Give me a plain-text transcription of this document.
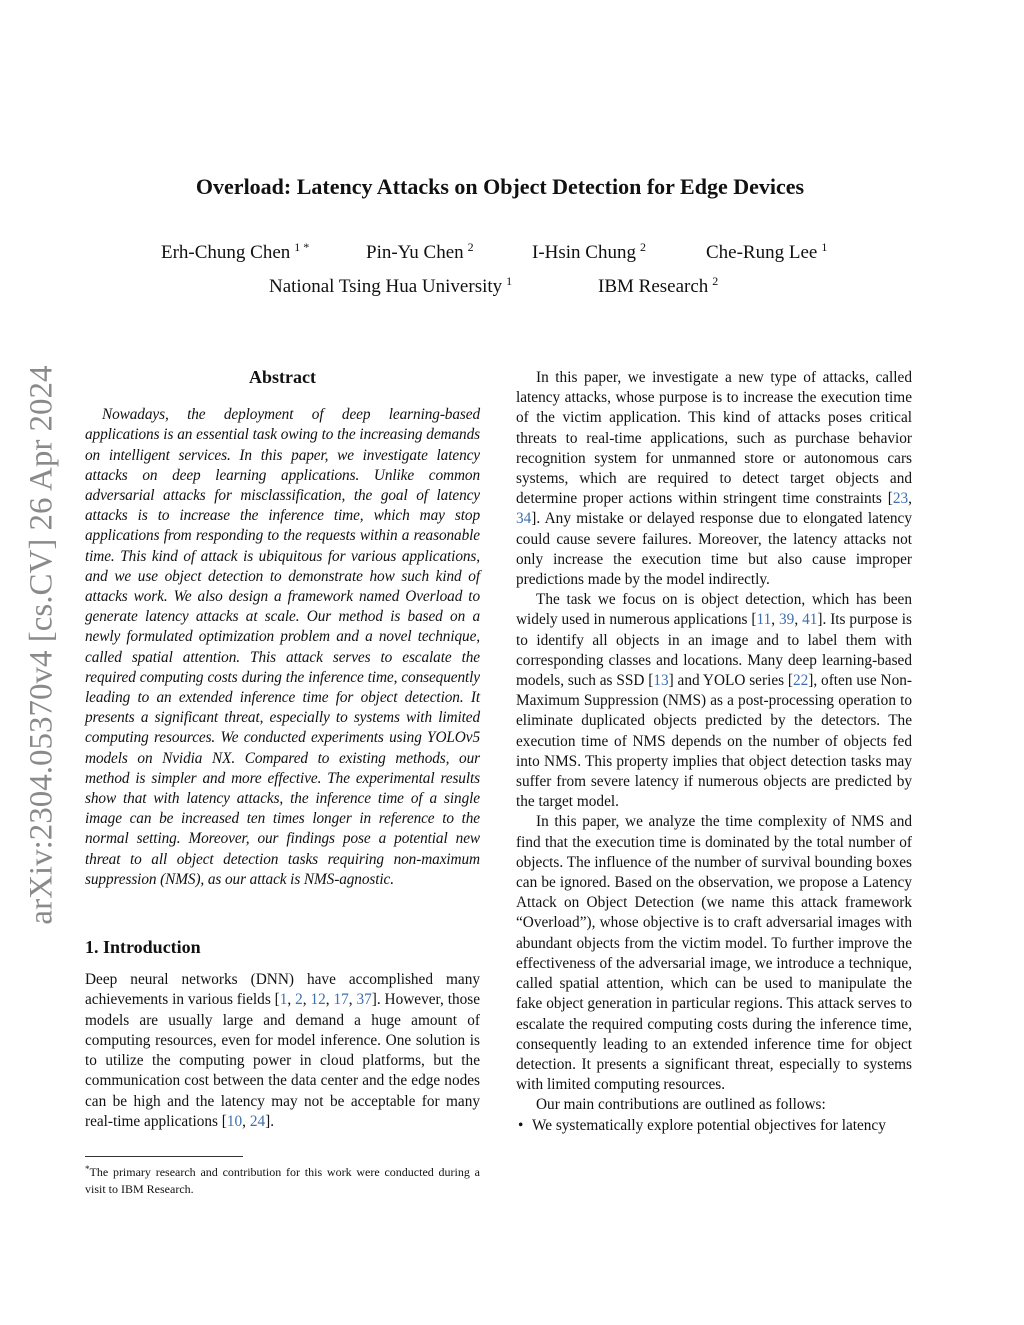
arXiv:2304.05370v4 [cs.CV] 26 Apr 2024
Overload: Latency Attacks on Object Detection for Edge Devices
Erh-Chung Chen $^{1 *}$	Pin-Yu Chen $^2$	I-Hsin Chung $^2$	Che-Rung Lee $^1$
National Tsing Hua University $^1$	IBM Research $^2$
Abstract

Nowadays, the deployment of deep learning-based applications is an essential task owing to the increasing demands on intelligent services. In this paper, we investigate latency attacks on deep learning applications. Unlike common adversarial attacks for misclassification, the goal of latency attacks is to increase the inference time, which may stop applications from responding to the requests within a reasonable time. This kind of attack is ubiquitous for various applications, and we use object detection to demonstrate how such kind of attacks work. We also design a framework named Overload to generate latency attacks at scale. Our method is based on a newly formulated optimization problem and a novel technique, called spatial attention. This attack serves to escalate the required computing costs during the inference time, consequently leading to an extended inference time for object detection. It presents a significant threat, especially to systems with limited computing resources. We conducted experiments using YOLOv5 models on Nvidia NX. Compared to existing methods, our method is simpler and more effective. The experimental results show that with latency attacks, the inference time of a single image can be increased ten times longer in reference to the normal setting. Moreover, our findings pose a potential new threat to all object detection tasks requiring non-maximum suppression (NMS), as our attack is NMS-agnostic.

1. Introduction

Deep neural networks (DNN) have accomplished many achievements in various fields [1, 2, 12, 17, 37]. However, those models are usually large and demand a huge amount of computing resources, even for model inference. One solution is to utilize the computing power in cloud platforms, but the communication cost between the data center and the edge nodes can be high and the latency may not be acceptable for many real-time applications [10, 24].

*The primary research and contribution for this work were conducted during a visit to IBM Research.

In this paper, we investigate a new type of attacks, called latency attacks, whose purpose is to increase the execution time of the victim application. This kind of attacks poses critical threats to real-time applications, such as purchase behavior recognition system for unmanned store or autonomous cars systems, which are required to detect target objects and determine proper actions within stringent time constraints [23, 34]. Any mistake or delayed response due to elongated latency could cause severe failures. Moreover, the latency attacks not only increase the execution time but also cause improper predictions made by the model indirectly.

The task we focus on is object detection, which has been widely used in numerous applications [11, 39, 41]. Its purpose is to identify all objects in an image and to label them with corresponding classes and locations. Many deep learning-based models, such as SSD [13] and YOLO series [22], often use Non-Maximum Suppression (NMS) as a post-processing operation to eliminate duplicated objects predicted by the detectors. The execution time of NMS depends on the number of objects fed into NMS. This property implies that object detection tasks may suffer from severe latency if numerous objects are predicted by the target model.

In this paper, we analyze the time complexity of NMS and find that the execution time is dominated by the total number of objects. The influence of the number of survival bounding boxes can be ignored. Based on the observation, we propose a Latency Attack on Object Detection (we name this attack framework “Overload”), whose objective is to craft adversarial images with abundant objects from the victim model. To further improve the effectiveness of the adversarial image, we introduce a technique, called spatial attention, which can be used to manipulate the fake object generation in particular regions. This attack serves to escalate the required computing costs during the inference time, consequently leading to an extended inference time for object detection. It presents a significant threat, especially to systems with limited computing resources.

Our main contributions are outlined as follows:

• We systematically explore potential objectives for latency
